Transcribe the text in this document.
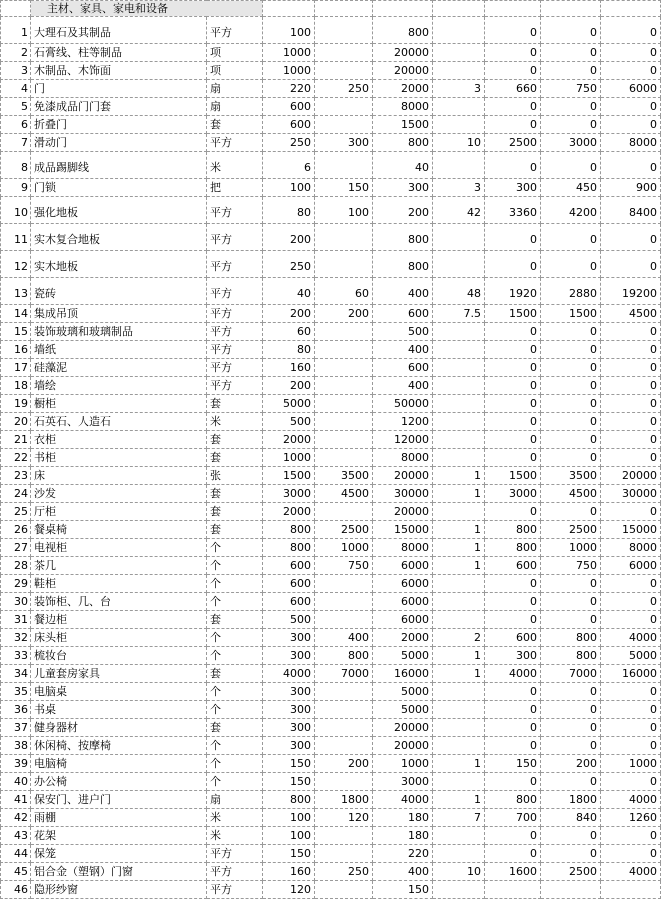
	主材、家具、家电和设备								
1	大理石及其制品	平方	100		800		0	0	0
2	石膏线、柱等制品	项	1000		20000		0	0	0
3	木制品、木饰面	项	1000		20000		0	0	0
4	门	扇	220	250	2000	3	660	750	6000
5	免漆成品门门套	扇	600		8000		0	0	0
6	折叠门	套	600		1500		0	0	0
7	滑动门	平方	250	300	800	10	2500	3000	8000
8	成品踢脚线	米	6		40		0	0	0
9	门锁	把	100	150	300	3	300	450	900
10	强化地板	平方	80	100	200	42	3360	4200	8400
11	实木复合地板	平方	200		800		0	0	0
12	实木地板	平方	250		800		0	0	0
13	瓷砖	平方	40	60	400	48	1920	2880	19200
14	集成吊顶	平方	200	200	600	7.5	1500	1500	4500
15	装饰玻璃和玻璃制品	平方	60		500		0	0	0
16	墙纸	平方	80		400		0	0	0
17	硅藻泥	平方	160		600		0	0	0
18	墙绘	平方	200		400		0	0	0
19	橱柜	套	5000		50000		0	0	0
20	石英石、人造石	米	500		1200		0	0	0
21	衣柜	套	2000		12000		0	0	0
22	书柜	套	1000		8000		0	0	0
23	床	张	1500	3500	20000	1	1500	3500	20000
24	沙发	套	3000	4500	30000	1	3000	4500	30000
25	厅柜	套	2000		20000		0	0	0
26	餐桌椅	套	800	2500	15000	1	800	2500	15000
27	电视柜	个	800	1000	8000	1	800	1000	8000
28	茶几	个	600	750	6000	1	600	750	6000
29	鞋柜	个	600		6000		0	0	0
30	装饰柜、几、台	个	600		6000		0	0	0
31	餐边柜	套	500		6000		0	0	0
32	床头柜	个	300	400	2000	2	600	800	4000
33	梳妆台	个	300	800	5000	1	300	800	5000
34	儿童套房家具	套	4000	7000	16000	1	4000	7000	16000
35	电脑桌	个	300		5000		0	0	0
36	书桌	个	300		5000		0	0	0
37	健身器材	套	300		20000		0	0	0
38	休闲椅、按摩椅	个	300		20000		0	0	0
39	电脑椅	个	150	200	1000	1	150	200	1000
40	办公椅	个	150		3000		0	0	0
41	保安门、进户门	扇	800	1800	4000	1	800	1800	4000
42	雨棚	米	100	120	180	7	700	840	1260
43	花架	米	100		180		0	0	0
44	保笼	平方	150		220		0	0	0
45	铝合金（塑钢）门窗	平方	160	250	400	10	1600	2500	4000
46	隐形纱窗	平方	120		150				
